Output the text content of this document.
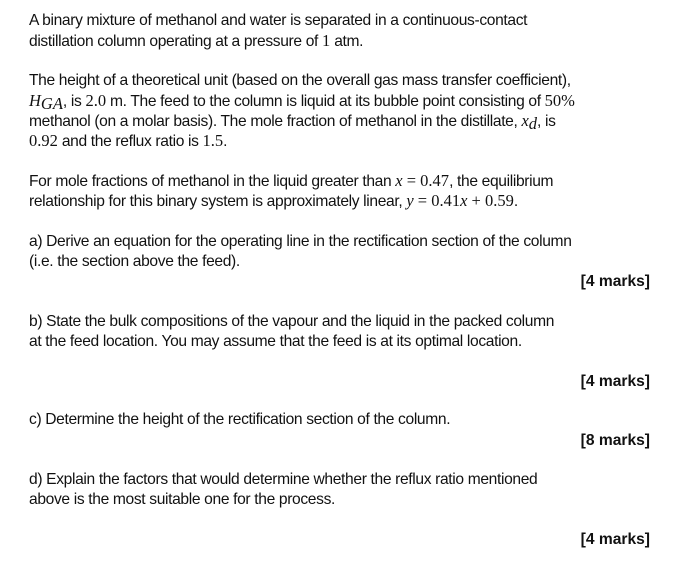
A binary mixture of methanol and water is separated in a continuous-contact
distillation column operating at a pressure of 1 atm.
The height of a theoretical unit (based on the overall gas mass transfer coefficient),
$H_{GA}$, is 2.0 m. The feed to the column is liquid at its bubble point consisting of 50%
methanol (on a molar basis). The mole fraction of methanol in the distillate, $x_d$, is
0.92 and the reflux ratio is 1.5.
For mole fractions of methanol in the liquid greater than x = 0.47, the equilibrium
relationship for this binary system is approximately linear, y = 0.41x + 0.59.
a) Derive an equation for the operating line in the rectification section of the column
(i.e. the section above the feed).
b) State the bulk compositions of the vapour and the liquid in the packed column
at the feed location. You may assume that the feed is at its optimal location.
c) Determine the height of the rectification section of the column.
d) Explain the factors that would determine whether the reflux ratio mentioned
above is the most suitable one for the process.
[4 marks]
[4 marks]
[8 marks]
[4 marks]
